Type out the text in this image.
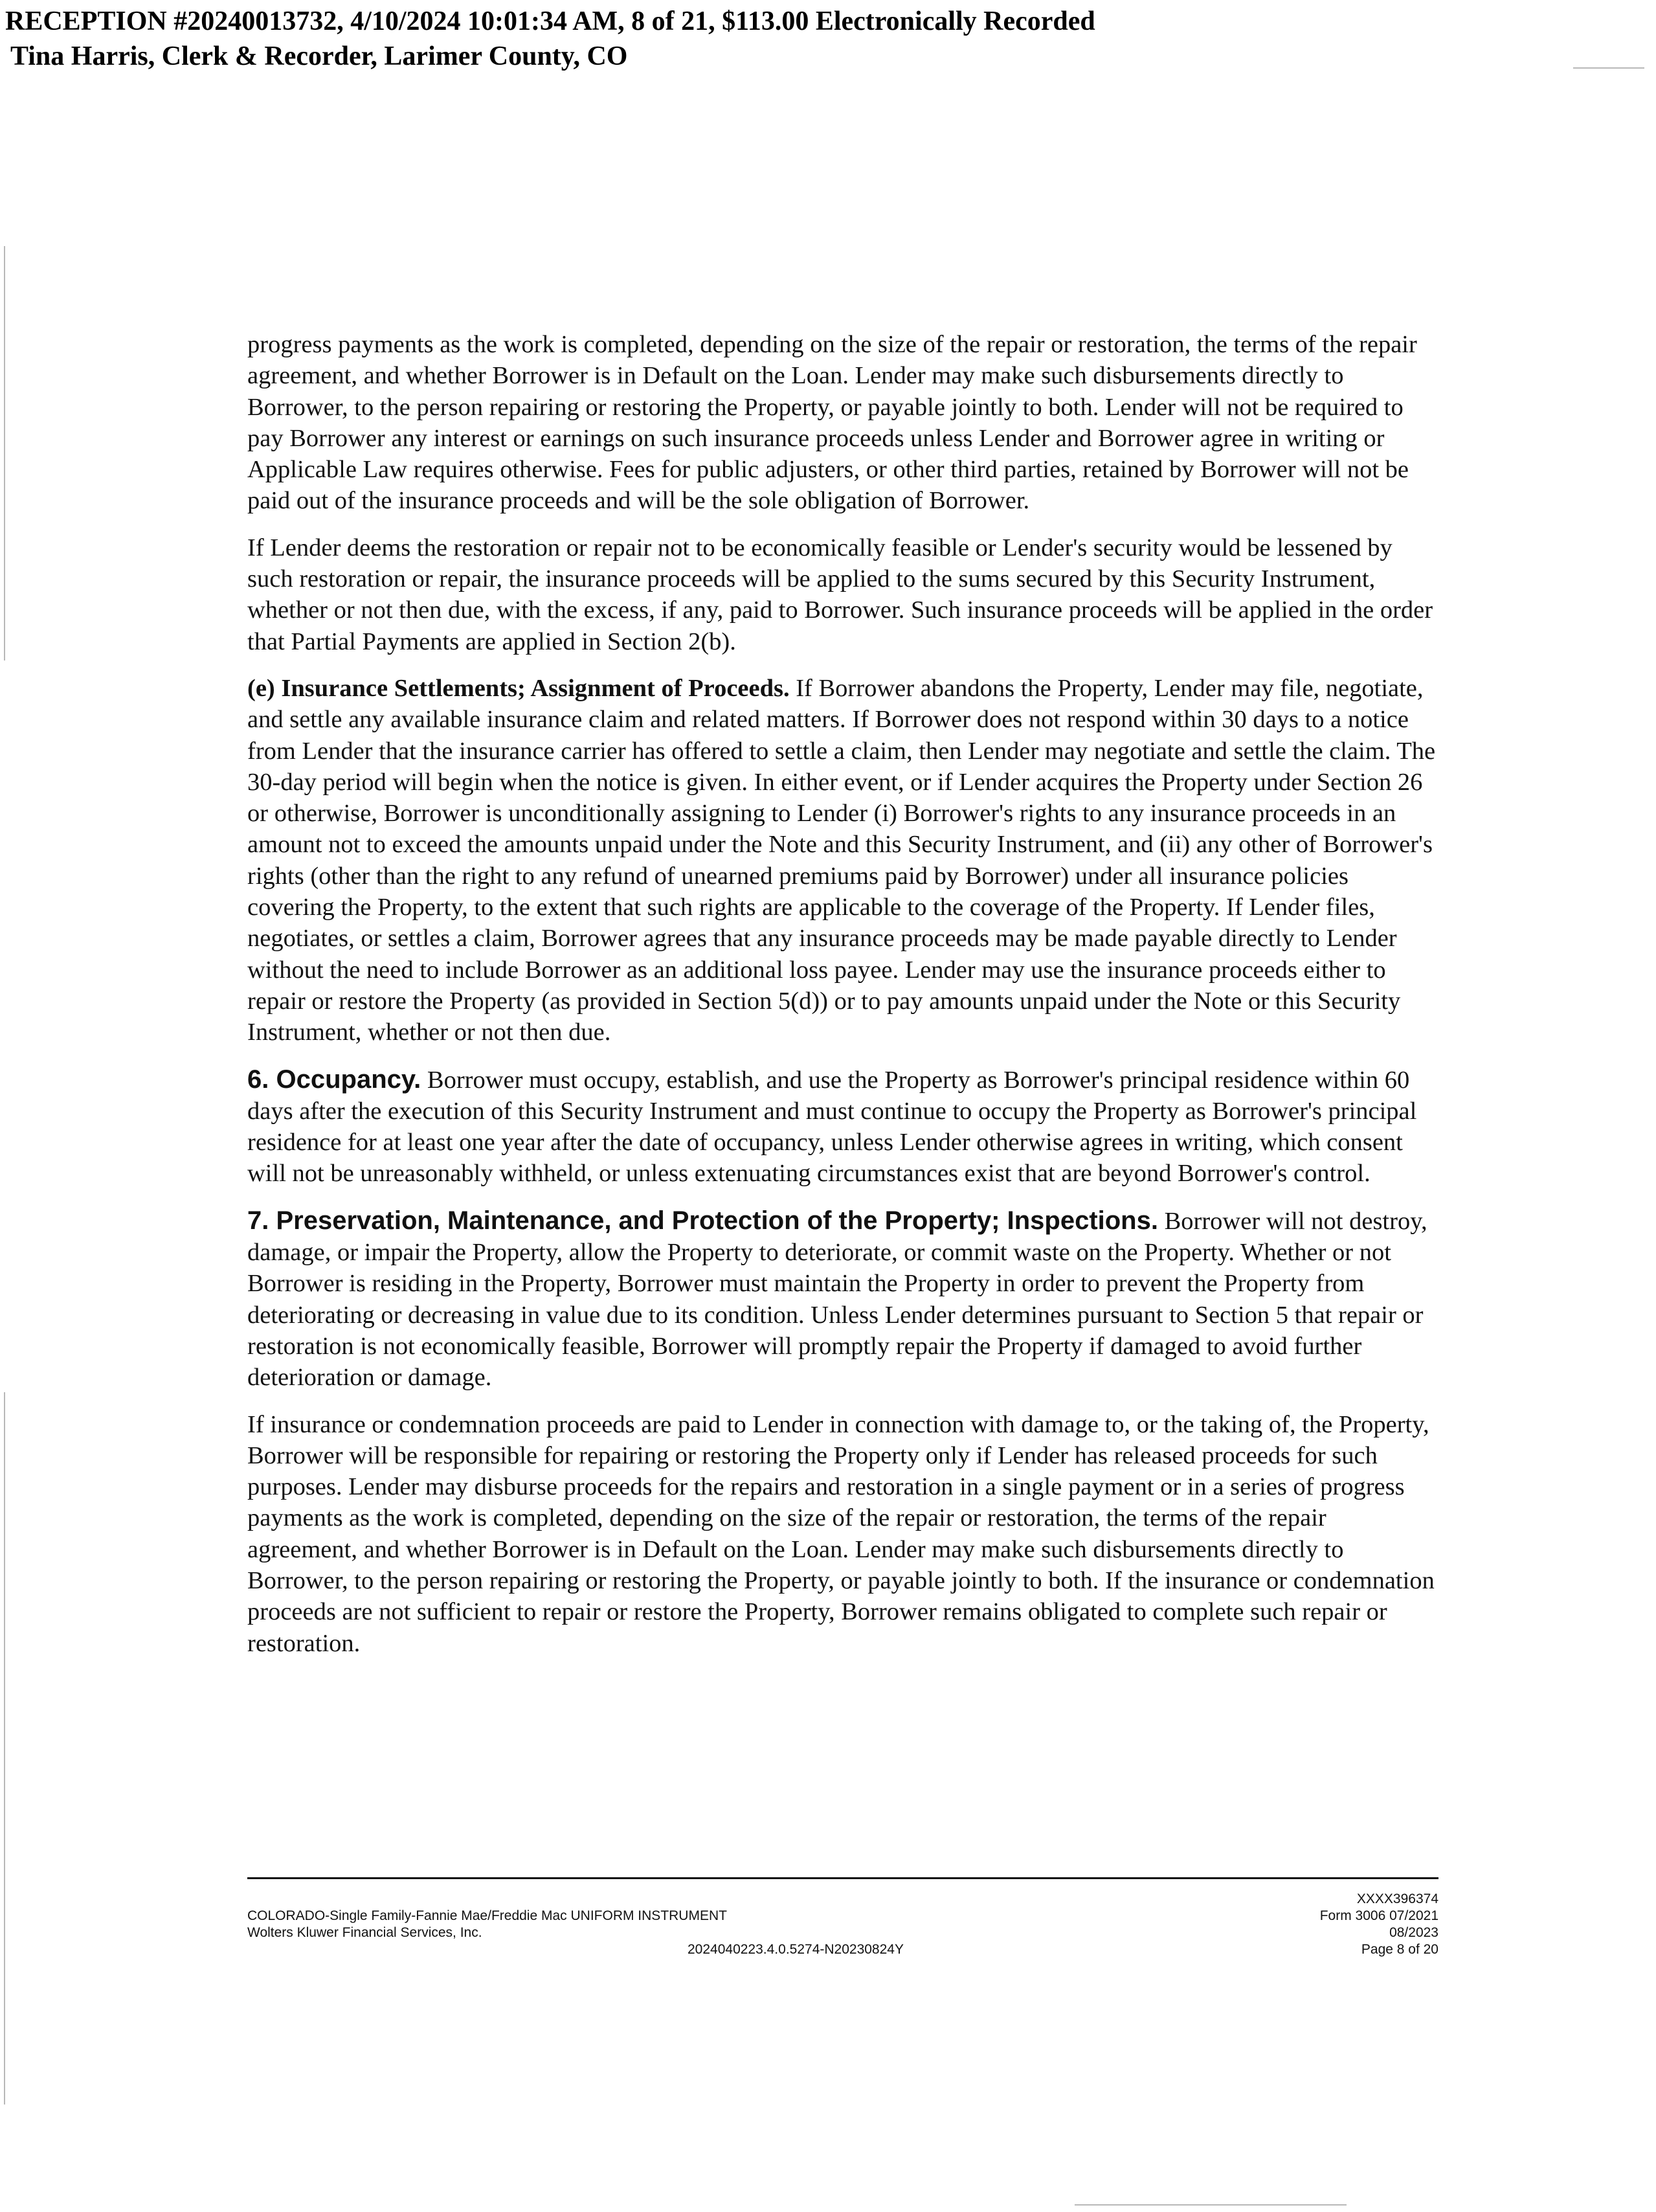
RECEPTION #20240013732, 4/10/2024 10:01:34 AM, 8 of 21, $113.00 Electronically Recorded
Tina Harris, Clerk & Recorder, Larimer County, CO

progress payments as the work is completed, depending on the size of the repair or restoration, the terms of the repair agreement, and whether Borrower is in Default on the Loan. Lender may make such disbursements directly to Borrower, to the person repairing or restoring the Property, or payable jointly to both. Lender will not be required to pay Borrower any interest or earnings on such insurance proceeds unless Lender and Borrower agree in writing or Applicable Law requires otherwise. Fees for public adjusters, or other third parties, retained by Borrower will not be paid out of the insurance proceeds and will be the sole obligation of Borrower.

If Lender deems the restoration or repair not to be economically feasible or Lender's security would be lessened by such restoration or repair, the insurance proceeds will be applied to the sums secured by this Security Instrument, whether or not then due, with the excess, if any, paid to Borrower. Such insurance proceeds will be applied in the order that Partial Payments are applied in Section 2(b).

(e) Insurance Settlements; Assignment of Proceeds. If Borrower abandons the Property, Lender may file, negotiate, and settle any available insurance claim and related matters. If Borrower does not respond within 30 days to a notice from Lender that the insurance carrier has offered to settle a claim, then Lender may negotiate and settle the claim. The 30-day period will begin when the notice is given. In either event, or if Lender acquires the Property under Section 26 or otherwise, Borrower is unconditionally assigning to Lender (i) Borrower's rights to any insurance proceeds in an amount not to exceed the amounts unpaid under the Note and this Security Instrument, and (ii) any other of Borrower's rights (other than the right to any refund of unearned premiums paid by Borrower) under all insurance policies covering the Property, to the extent that such rights are applicable to the coverage of the Property. If Lender files, negotiates, or settles a claim, Borrower agrees that any insurance proceeds may be made payable directly to Lender without the need to include Borrower as an additional loss payee. Lender may use the insurance proceeds either to repair or restore the Property (as provided in Section 5(d)) or to pay amounts unpaid under the Note or this Security Instrument, whether or not then due.

6. Occupancy. Borrower must occupy, establish, and use the Property as Borrower's principal residence within 60 days after the execution of this Security Instrument and must continue to occupy the Property as Borrower's principal residence for at least one year after the date of occupancy, unless Lender otherwise agrees in writing, which consent will not be unreasonably withheld, or unless extenuating circumstances exist that are beyond Borrower's control.

7. Preservation, Maintenance, and Protection of the Property; Inspections. Borrower will not destroy, damage, or impair the Property, allow the Property to deteriorate, or commit waste on the Property. Whether or not Borrower is residing in the Property, Borrower must maintain the Property in order to prevent the Property from deteriorating or decreasing in value due to its condition. Unless Lender determines pursuant to Section 5 that repair or restoration is not economically feasible, Borrower will promptly repair the Property if damaged to avoid further deterioration or damage.

If insurance or condemnation proceeds are paid to Lender in connection with damage to, or the taking of, the Property, Borrower will be responsible for repairing or restoring the Property only if Lender has released proceeds for such purposes. Lender may disburse proceeds for the repairs and restoration in a single payment or in a series of progress payments as the work is completed, depending on the size of the repair or restoration, the terms of the repair agreement, and whether Borrower is in Default on the Loan. Lender may make such disbursements directly to Borrower, to the person repairing or restoring the Property, or payable jointly to both. If the insurance or condemnation proceeds are not sufficient to repair or restore the Property, Borrower remains obligated to complete such repair or restoration.

COLORADO-Single Family-Fannie Mae/Freddie Mac UNIFORM INSTRUMENT
Wolters Kluwer Financial Services, Inc.
2024040223.4.0.5274-N20230824Y
XXXX396374
Form 3006 07/2021
08/2023
Page 8 of 20
